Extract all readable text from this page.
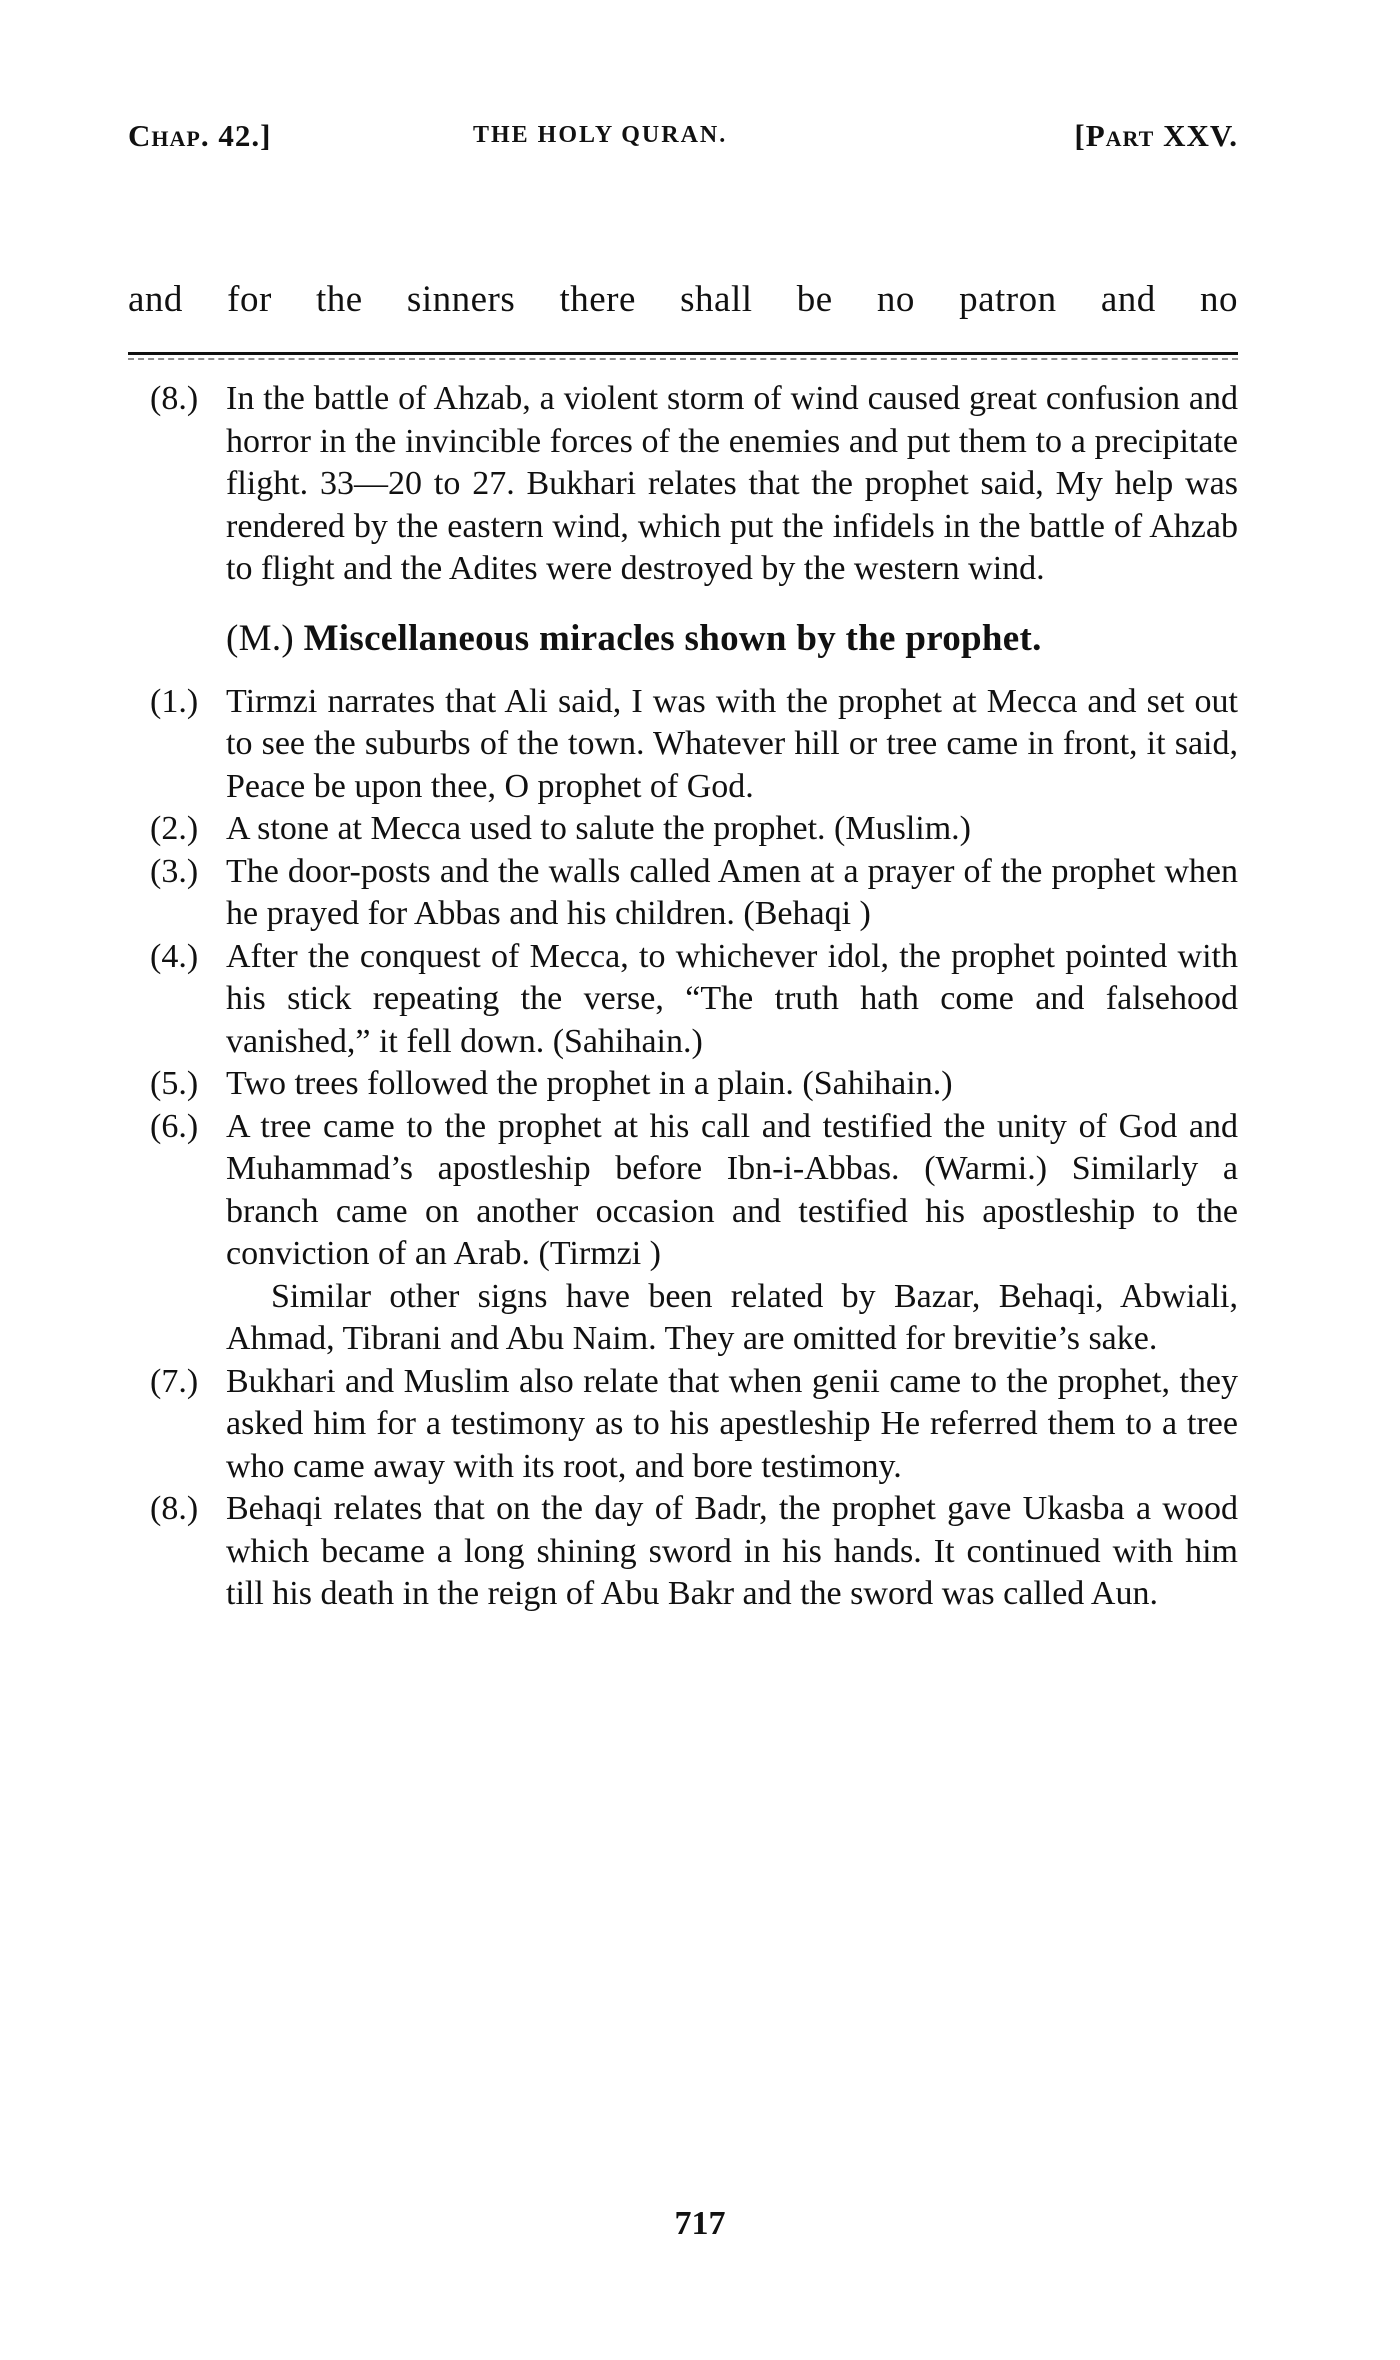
Chap. 42.]	THE HOLY QURAN.	[Part XXV.
and for the sinners there shall be no patron and no

(8.) In the battle of Ahzab, a violent storm of wind caused great confusion and horror in the invincible forces of the enemies and put them to a precipitate flight. 33—20 to 27. Bukhari relates that the prophet said, My help was rendered by the eastern wind, which put the infidels in the battle of Ahzab to flight and the Adites were destroyed by the western wind.

(M.) Miscellaneous miracles shown by the prophet.

(1.) Tirmzi narrates that Ali said, I was with the prophet at Mecca and set out to see the suburbs of the town. Whatever hill or tree came in front, it said, Peace be upon thee, O prophet of God.

(2.) A stone at Mecca used to salute the prophet. (Muslim.)

(3.) The door-posts and the walls called Amen at a prayer of the prophet when he prayed for Abbas and his children. (Behaqi )

(4.) After the conquest of Mecca, to whichever idol, the prophet pointed with his stick repeating the verse, “The truth hath come and falsehood vanished,” it fell down. (Sahihain.)

(5.) Two trees followed the prophet in a plain. (Sahihain.)

(6.) A tree came to the prophet at his call and testified the unity of God and Muhammad’s apostleship before Ibn-i-Abbas. (Warmi.) Similarly a branch came on another occasion and testified his apostleship to the conviction of an Arab. (Tirmzi )

Similar other signs have been related by Bazar, Behaqi, Abwiali, Ahmad, Tibrani and Abu Naim. They are omitted for brevitie’s sake.

(7.) Bukhari and Muslim also relate that when genii came to the prophet, they asked him for a testimony as to his apestleship He referred them to a tree who came away with its root, and bore testimony.

(8.) Behaqi relates that on the day of Badr, the prophet gave Ukasba a wood which became a long shining sword in his hands. It continued with him till his death in the reign of Abu Bakr and the sword was called Aun.

717
